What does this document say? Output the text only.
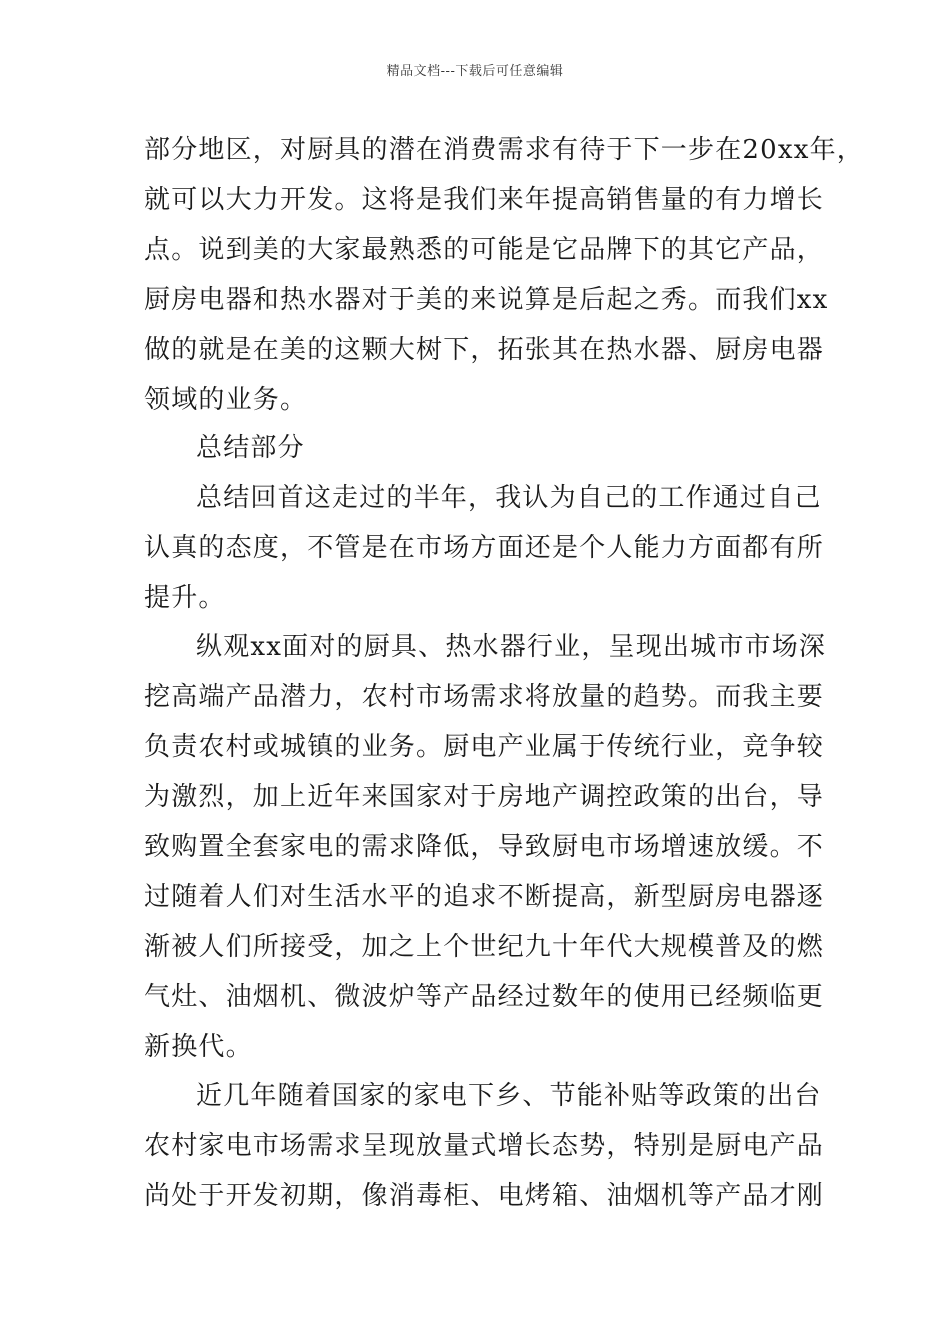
精品文档---下载后可任意编辑
部分地区，对厨具的潜在消费需求有待于下一步在20xx年，
就可以大力开发。这将是我们来年提高销售量的有力增长
点。说到美的大家最熟悉的可能是它品牌下的其它产品，
厨房电器和热水器对于美的来说算是后起之秀。而我们xx
做的就是在美的这颗大树下，拓张其在热水器、厨房电器
领域的业务。
总结部分
总结回首这走过的半年，我认为自己的工作通过自己
认真的态度，不管是在市场方面还是个人能力方面都有所
提升。
纵观xx面对的厨具、热水器行业，呈现出城市市场深
挖高端产品潜力，农村市场需求将放量的趋势。而我主要
负责农村或城镇的业务。厨电产业属于传统行业，竞争较
为激烈，加上近年来国家对于房地产调控政策的出台，导
致购置全套家电的需求降低，导致厨电市场增速放缓。不
过随着人们对生活水平的追求不断提高，新型厨房电器逐
渐被人们所接受，加之上个世纪九十年代大规模普及的燃
气灶、油烟机、微波炉等产品经过数年的使用已经频临更
新换代。
近几年随着国家的家电下乡、节能补贴等政策的出台
农村家电市场需求呈现放量式增长态势，特别是厨电产品
尚处于开发初期，像消毒柜、电烤箱、油烟机等产品才刚
